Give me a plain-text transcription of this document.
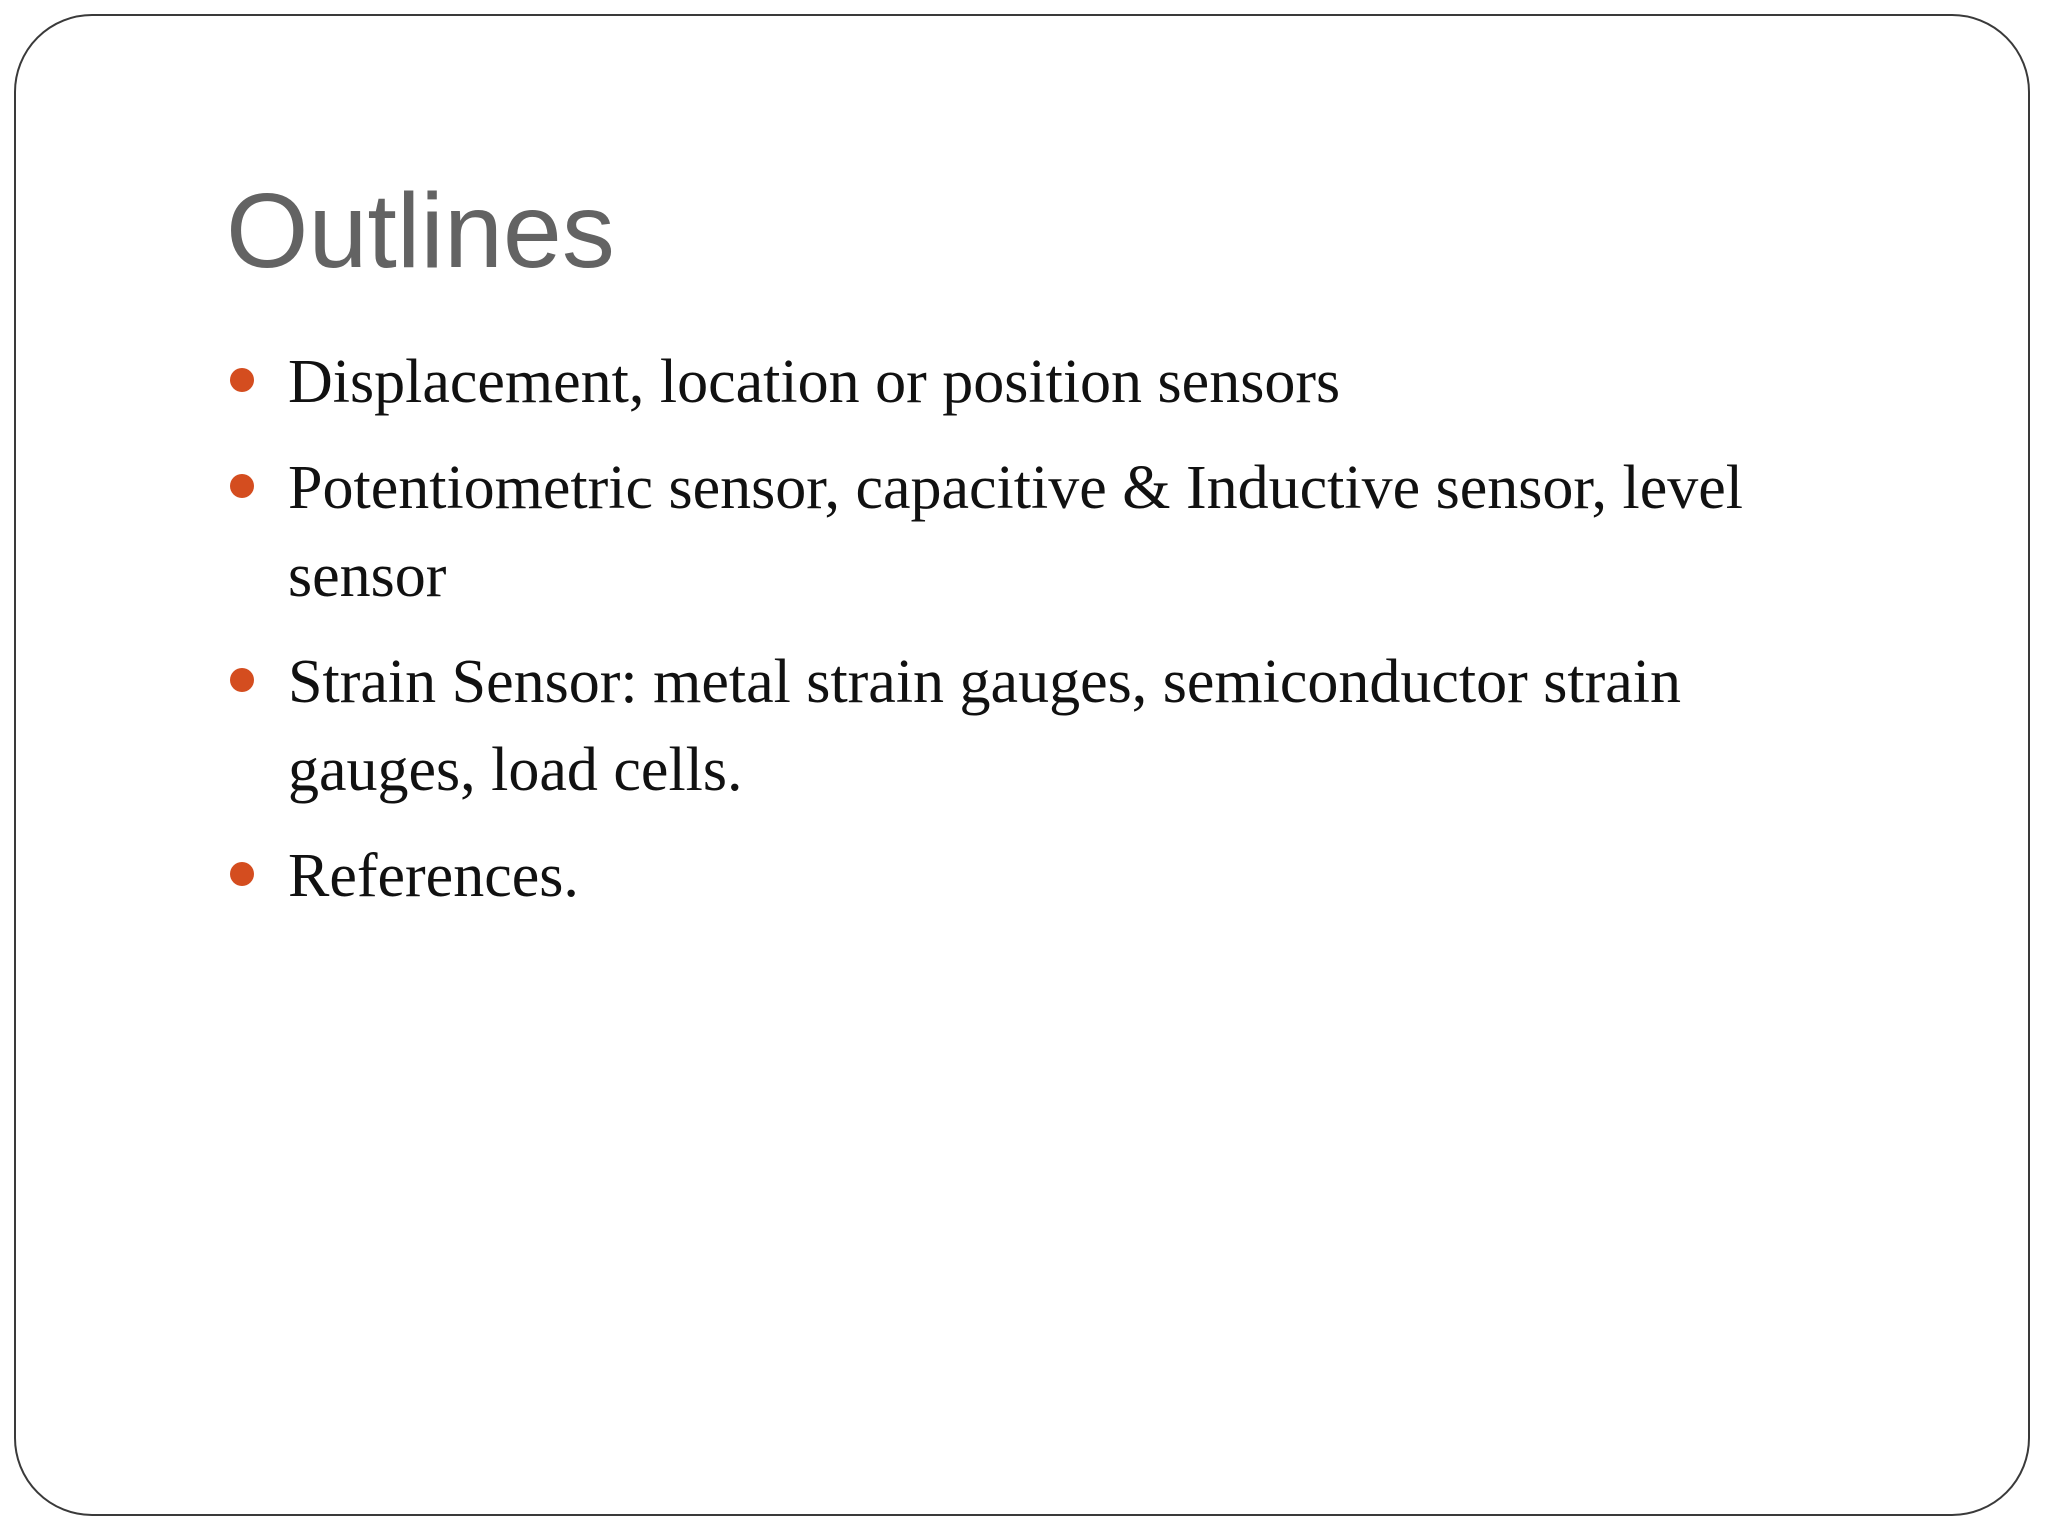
Outlines
Displacement, location or position sensors
Potentiometric sensor, capacitive & Inductive sensor, level sensor
Strain Sensor: metal strain gauges, semiconductor strain gauges, load cells.
References.
